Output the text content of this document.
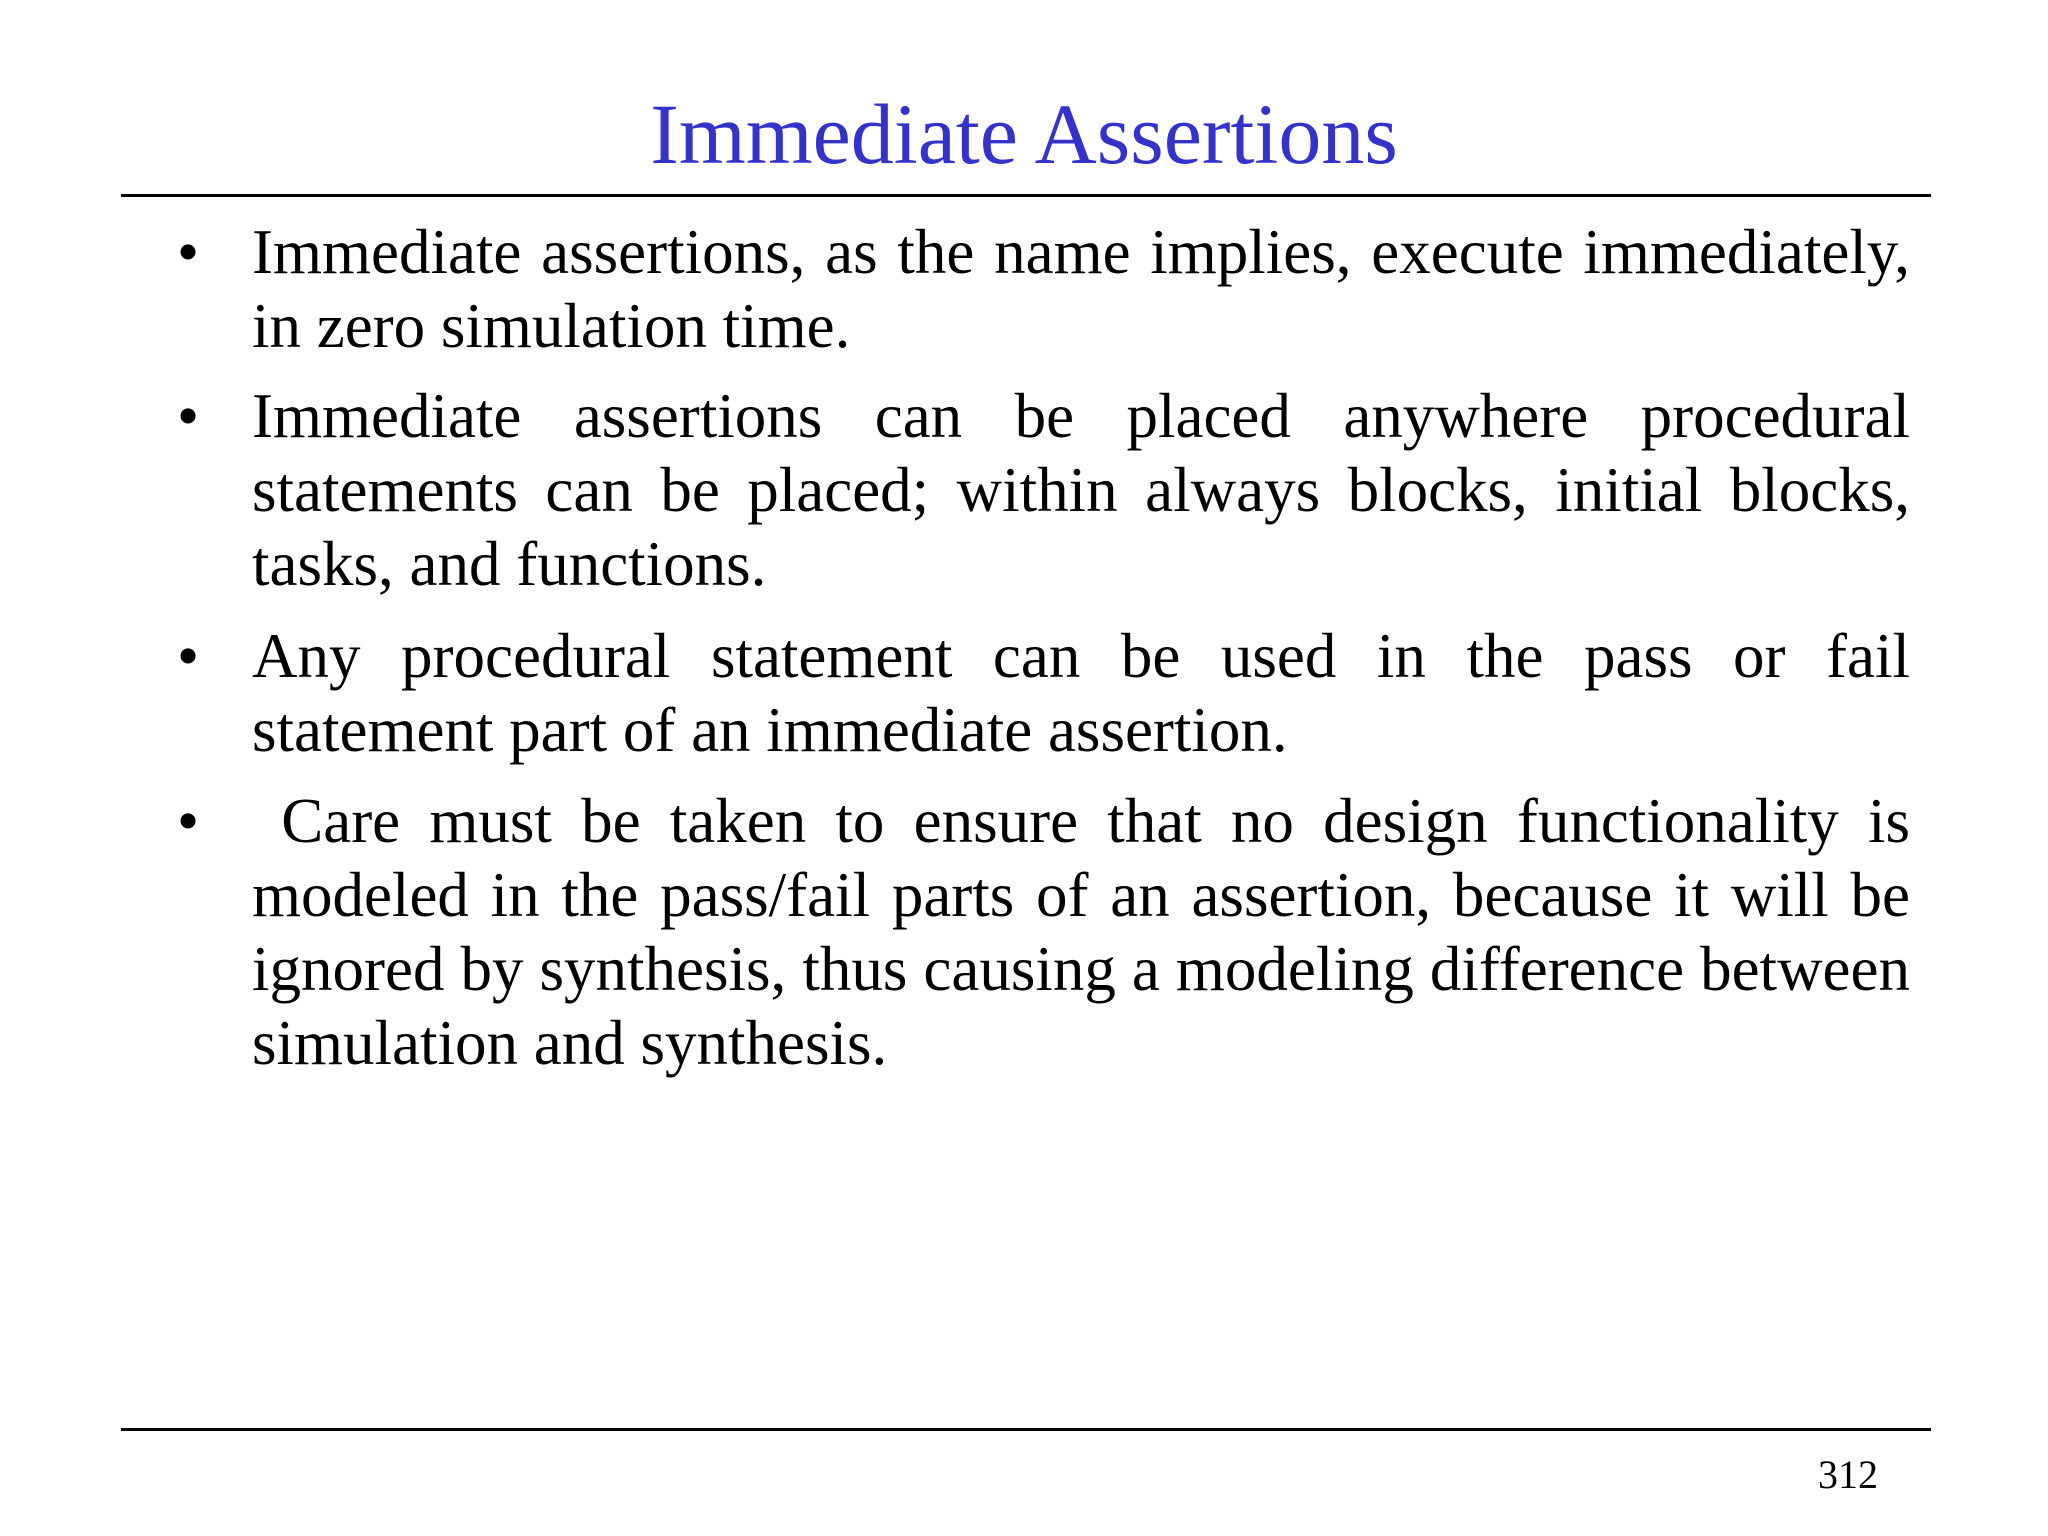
Immediate Assertions
• Immediate assertions, as the name implies, execute immediately, in zero simulation time.
• Immediate assertions can be placed anywhere procedural statements can be placed; within always blocks, initial blocks, tasks, and functions.
• Any procedural statement can be used in the pass or fail statement part of an immediate assertion.
• Care must be taken to ensure that no design functionality is modeled in the pass/fail parts of an assertion, because it will be ignored by synthesis, thus causing a modeling difference between simulation and synthesis.
312
